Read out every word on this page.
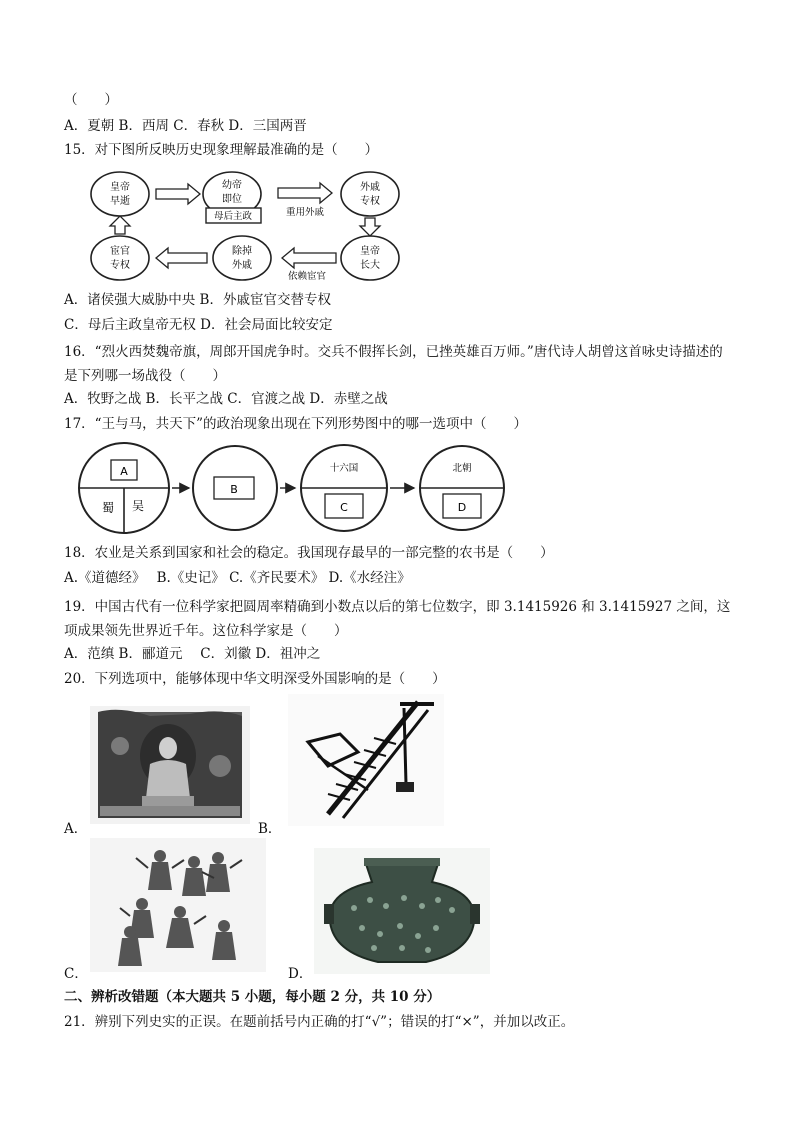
（　　）
A．夏朝 B．西周 C．春秋 D．三国两晋
15．对下图所反映历史现象理解最准确的是（　　）
皇帝
早逝
幼帝
即位
母后主政
外戚
专权
皇帝
长大
除掉
外戚
宦官
专权
重用外戚
依赖宦官
A．诸侯强大威胁中央 B．外戚宦官交替专权
C．母后主政皇帝无权 D．社会局面比较安定
16．“烈火西焚魏帝旗，周郎开国虎争时。交兵不假挥长剑，已挫英雄百万师。”唐代诗人胡曾这首咏史诗描述的是下列哪一场战役（　　）
A．牧野之战 B．长平之战 C．官渡之战 D．赤壁之战
17．“王与马，共天下”的政治现象出现在下列形势图中的哪一选项中（　　）
A
蜀 吴
B
十六国
C
北朝
D
18．农业是关系到国家和社会的稳定。我国现存最早的一部完整的农书是（　　）
A.《道德经》　 B.《史记》 C.《齐民要术》 D.《水经注》
19．中国古代有一位科学家把圆周率精确到小数点以后的第七位数字，即 3.1415926 和 3.1415927 之间，这项成果领先世界近千年。这位科学家是（　　）
A．范缜 B．郦道元　 C．刘徽 D．祖冲之
20．下列选项中，能够体现中华文明深受外国影响的是（　　）
A．	B．
C．	D．
二、辨析改错题（本大题共 5 小题，每小题 2 分，共 10 分）
21．辨别下列史实的正误。在题前括号内正确的打“√”；错误的打“×”，并加以改正。
